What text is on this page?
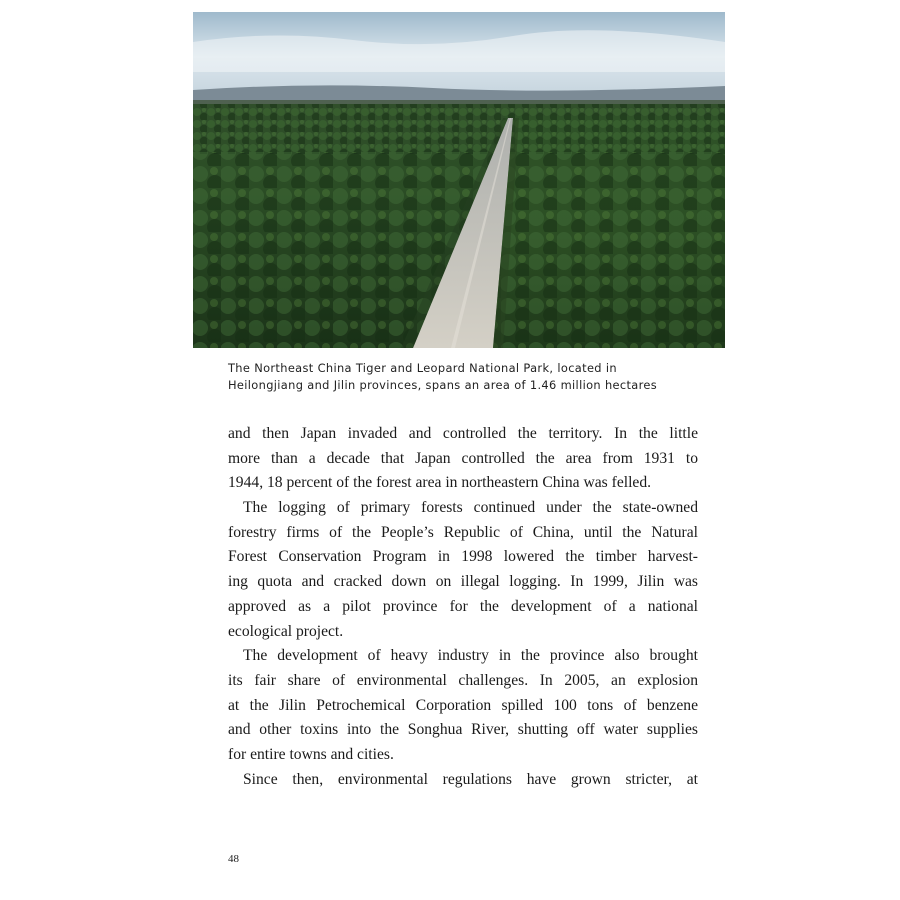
The Northeast China Tiger and Leopard National Park, located in
Heilongjiang and Jilin provinces, spans an area of 1.46 million hectares
and then Japan invaded and controlled the territory. In the little
more than a decade that Japan controlled the area from 1931 to
1944, 18 percent of the forest area in northeastern China was felled.
The logging of primary forests continued under the state-owned
forestry firms of the People’s Republic of China, until the Natural
Forest Conservation Program in 1998 lowered the timber harvest-
ing quota and cracked down on illegal logging. In 1999, Jilin was
approved as a pilot province for the development of a national
ecological project.
The development of heavy industry in the province also brought
its fair share of environmental challenges. In 2005, an explosion
at the Jilin Petrochemical Corporation spilled 100 tons of benzene
and other toxins into the Songhua River, shutting off water supplies
for entire towns and cities.
Since then, environmental regulations have grown stricter, at
48
